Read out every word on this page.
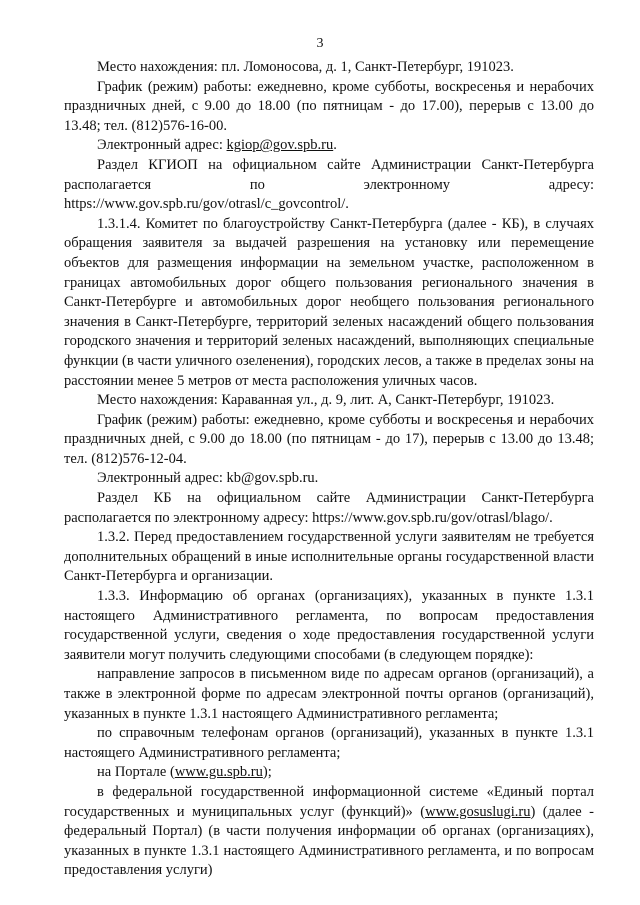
3

Место нахождения: пл. Ломоносова, д. 1, Санкт-Петербург, 191023.

График (режим) работы: ежедневно, кроме субботы, воскресенья и нерабочих праздничных дней, с 9.00 до 18.00 (по пятницам - до 17.00), перерыв с 13.00 до 13.48; тел. (812)576-16-00.

Электронный адрес: kgiop@gov.spb.ru.

Раздел КГИОП на официальном сайте Администрации Санкт-Петербурга располагается по электронному адресу: https://www.gov.spb.ru/gov/otrasl/c_govcontrol/.

1.3.1.4. Комитет по благоустройству Санкт-Петербурга (далее - КБ), в случаях обращения заявителя за выдачей разрешения на установку или перемещение объектов для размещения информации на земельном участке, расположенном в границах автомобильных дорог общего пользования регионального значения в Санкт-Петербурге и автомобильных дорог необщего пользования регионального значения в Санкт-Петербурге, территорий зеленых насаждений общего пользования городского значения и территорий зеленых насаждений, выполняющих специальные функции (в части уличного озеленения), городских лесов, а также в пределах зоны на расстоянии менее 5 метров от места расположения уличных часов.

Место нахождения: Караванная ул., д. 9, лит. А, Санкт-Петербург, 191023.

График (режим) работы: ежедневно, кроме субботы и воскресенья и нерабочих праздничных дней, с 9.00 до 18.00 (по пятницам - до 17), перерыв с 13.00 до 13.48; тел. (812)576-12-04.

Электронный адрес: kb@gov.spb.ru.

Раздел КБ на официальном сайте Администрации Санкт-Петербурга располагается по электронному адресу: https://www.gov.spb.ru/gov/otrasl/blago/.

1.3.2. Перед предоставлением государственной услуги заявителям не требуется дополнительных обращений в иные исполнительные органы государственной власти Санкт-Петербурга и организации.

1.3.3. Информацию об органах (организациях), указанных в пункте 1.3.1 настоящего Административного регламента, по вопросам предоставления государственной услуги, сведения о ходе предоставления государственной услуги заявители могут получить следующими способами (в следующем порядке):

направление запросов в письменном виде по адресам органов (организаций), а также в электронной форме по адресам электронной почты органов (организаций), указанных в пункте 1.3.1 настоящего Административного регламента;

по справочным телефонам органов (организаций), указанных в пункте 1.3.1 настоящего Административного регламента;

на Портале (www.gu.spb.ru);

в федеральной государственной информационной системе «Единый портал государственных и муниципальных услуг (функций)» (www.gosuslugi.ru) (далее - федеральный Портал) (в части получения информации об органах (организациях), указанных в пункте 1.3.1 настоящего Административного регламента, и по вопросам предоставления услуги)
